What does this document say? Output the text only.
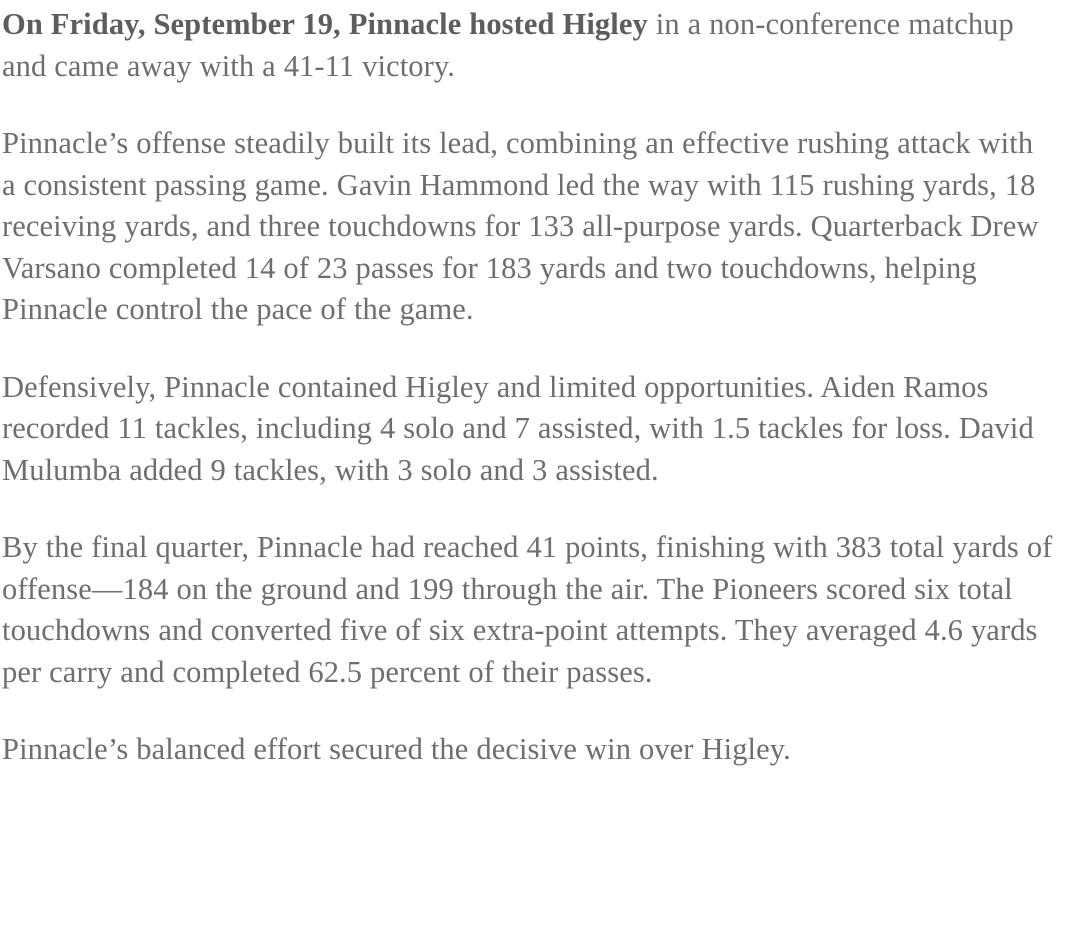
On Friday, September 19, Pinnacle hosted Higley in a non-conference matchup and came away with a 41-11 victory.

Pinnacle’s offense steadily built its lead, combining an effective rushing attack with a consistent passing game. Gavin Hammond led the way with 115 rushing yards, 18 receiving yards, and three touchdowns for 133 all-purpose yards. Quarterback Drew Varsano completed 14 of 23 passes for 183 yards and two touchdowns, helping Pinnacle control the pace of the game.

Defensively, Pinnacle contained Higley and limited opportunities. Aiden Ramos recorded 11 tackles, including 4 solo and 7 assisted, with 1.5 tackles for loss. David Mulumba added 9 tackles, with 3 solo and 3 assisted.

By the final quarter, Pinnacle had reached 41 points, finishing with 383 total yards of offense—184 on the ground and 199 through the air. The Pioneers scored six total touchdowns and converted five of six extra-point attempts. They averaged 4.6 yards per carry and completed 62.5 percent of their passes.

Pinnacle’s balanced effort secured the decisive win over Higley.
